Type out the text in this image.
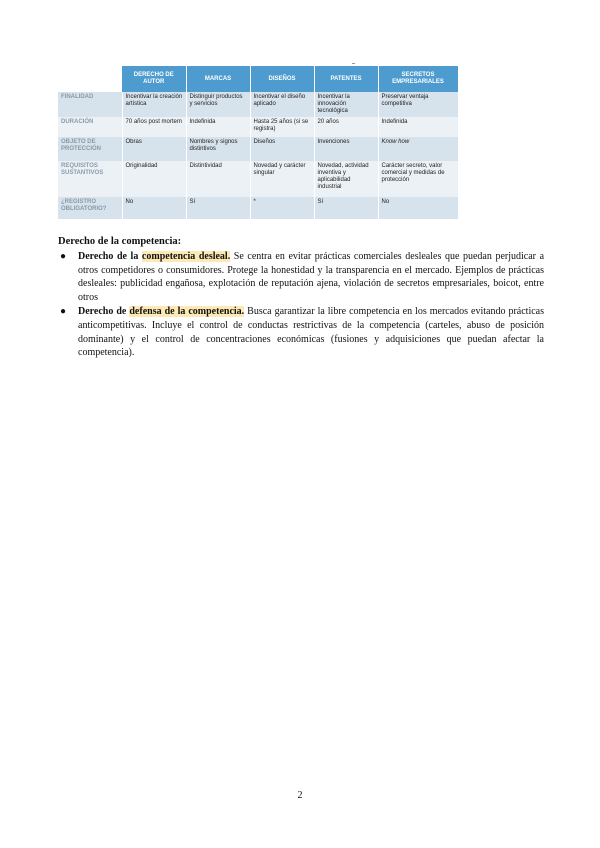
	DERECHO DE AUTOR	MARCAS	DISEÑOS	PATENTES	SECRETOS EMPRESARIALES
FINALIDAD	Incentivar la creación artística	Distinguir productos y servicios	Incentivar el diseño aplicado	Incentivar la innovación tecnológica	Preservar ventaja competitiva
DURACIÓN	70 años post mortem	Indefinida	Hasta 25 años (si se registra)	20 años	Indefinida
OBJETO DE PROTECCIÓN	Obras	Nombres y signos distintivos	Diseños	Invenciones	Know how
REQUISITOS SUSTANTIVOS	Originalidad	Distintividad	Novedad y carácter singular	Novedad, actividad inventiva y aplicabilidad industrial	Carácter secreto, valor comercial y medidas de protección
¿REGISTRO OBLIGATORIO?	No	Sí	*	Sí	No
Derecho de la competencia:
● Derecho de la competencia desleal. Se centra en evitar prácticas comerciales desleales que puedan perjudicar a otros competidores o consumidores. Protege la honestidad y la transparencia en el mercado. Ejemplos de prácticas desleales: publicidad engañosa, explotación de reputación ajena, violación de secretos empresariales, boicot, entre otros
● Derecho de defensa de la competencia. Busca garantizar la libre competencia en los mercados evitando prácticas anticompetitivas. Incluye el control de conductas restrictivas de la competencia (carteles, abuso de posición dominante) y el control de concentraciones económicas (fusiones y adquisiciones que puedan afectar la competencia).
2
